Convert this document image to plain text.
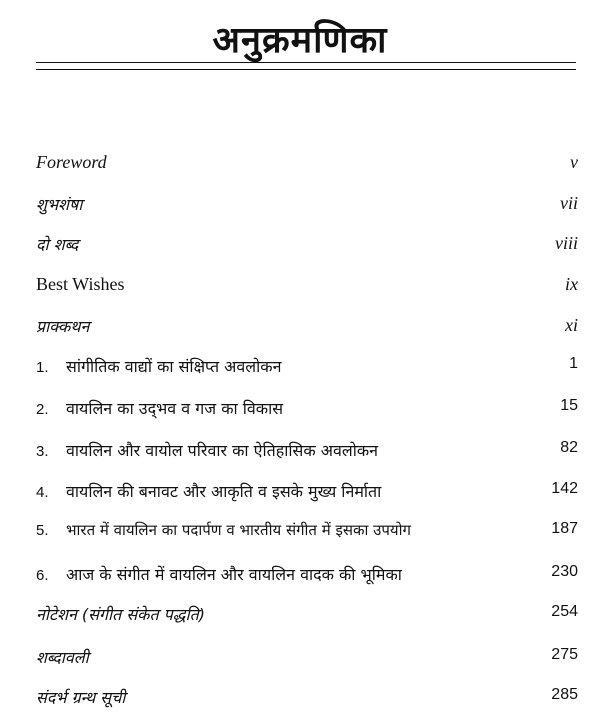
अनुक्रमणिका
Foreword	v
शुभशंषा	vii
दो शब्द	viii
Best Wishes	ix
प्राक्कथन	xi
1. सांगीतिक वाद्यों का संक्षिप्त अवलोकन	1
2. वायलिन का उद्‌भव व गज का विकास	15
3. वायलिन और वायोल परिवार का ऐतिहासिक अवलोकन	82
4. वायलिन की बनावट और आकृति व इसके मुख्य निर्माता	142
5. भारत में वायलिन का पदार्पण व भारतीय संगीत में इसका उपयोग	187
6. आज के संगीत में वायलिन और वायलिन वादक की भूमिका	230
नोटेशन (संगीत संकेत पद्धति)	254
शब्दावली	275
संदर्भ ग्रन्थ सूची	285
